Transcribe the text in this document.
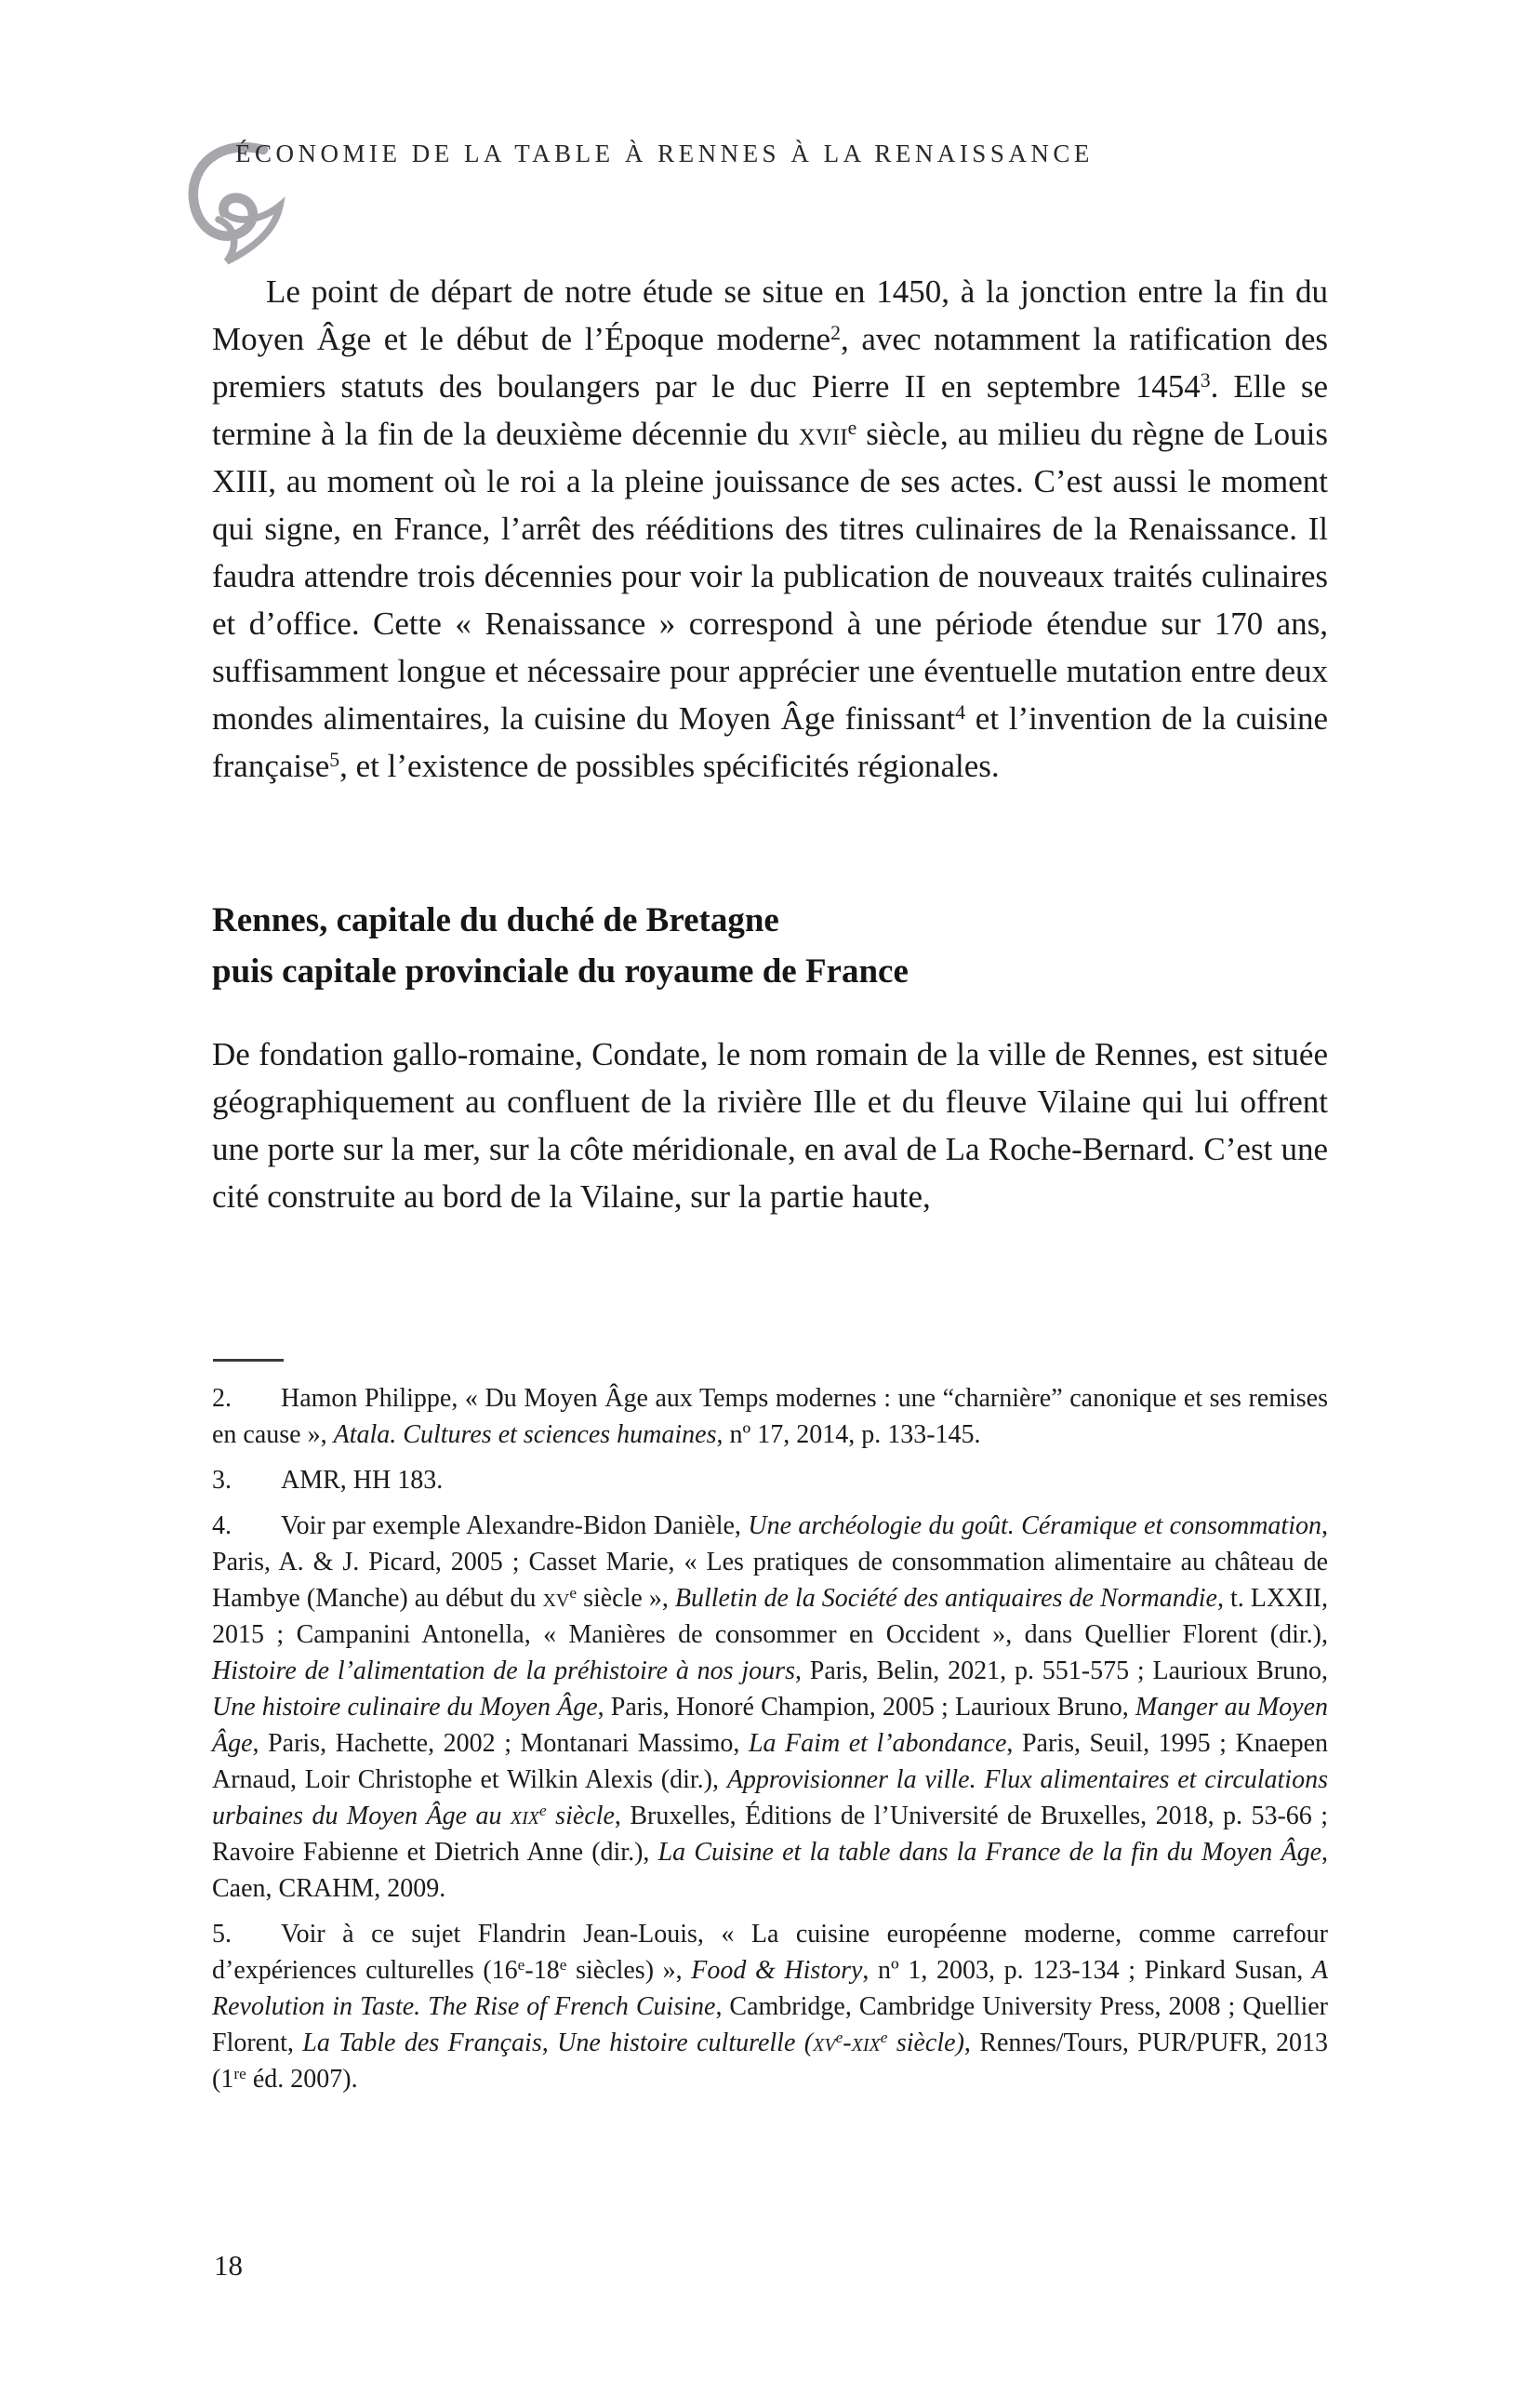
ÉCONOMIE DE LA TABLE À RENNES À LA RENAISSANCE

Le point de départ de notre étude se situe en 1450, à la jonction entre la fin du Moyen Âge et le début de l’Époque moderne$^2$, avec notamment la ratification des premiers statuts des boulangers par le duc Pierre II en septembre 1454$^3$. Elle se termine à la fin de la deuxième décennie du xvii$^e$ siècle, au milieu du règne de Louis XIII, au moment où le roi a la pleine jouissance de ses actes. C’est aussi le moment qui signe, en France, l’arrêt des rééditions des titres culinaires de la Renaissance. Il faudra attendre trois décennies pour voir la publication de nouveaux traités culinaires et d’office. Cette « Renaissance » correspond à une période étendue sur 170 ans, suffisamment longue et nécessaire pour apprécier une éventuelle mutation entre deux mondes alimentaires, la cuisine du Moyen Âge finissant$^4$ et l’invention de la cuisine française$^5$, et l’existence de possibles spécificités régionales.

Rennes, capitale du duché de Bretagne
puis capitale provinciale du royaume de France

De fondation gallo-romaine, Condate, le nom romain de la ville de Rennes, est située géographiquement au confluent de la rivière Ille et du fleuve Vilaine qui lui offrent une porte sur la mer, sur la côte méridionale, en aval de La Roche-Bernard. C’est une cité construite au bord de la Vilaine, sur la partie haute,

2. Hamon Philippe, « Du Moyen Âge aux Temps modernes : une “charnière” canonique et ses remises en cause », Atala. Cultures et sciences humaines, nº 17, 2014, p. 133-145.

3. AMR, HH 183.

4. Voir par exemple Alexandre-Bidon Danièle, Une archéologie du goût. Céramique et consommation, Paris, A. & J. Picard, 2005 ; Casset Marie, « Les pratiques de consommation alimentaire au château de Hambye (Manche) au début du $xv^e$ siècle », Bulletin de la Société des antiquaires de Normandie, t. LXXII, 2015 ; Campanini Antonella, « Manières de consommer en Occident », dans Quellier Florent (dir.), Histoire de l’alimentation de la préhistoire à nos jours, Paris, Belin, 2021, p. 551-575 ; Laurioux Bruno, Une histoire culinaire du Moyen Âge, Paris, Honoré Champion, 2005 ; Laurioux Bruno, Manger au Moyen Âge, Paris, Hachette, 2002 ; Montanari Massimo, La Faim et l’abondance, Paris, Seuil, 1995 ; Knaepen Arnaud, Loir Christophe et Wilkin Alexis (dir.), Approvisionner la ville. Flux alimentaires et circulations urbaines du Moyen Âge au xix$^e$ siècle, Bruxelles, Éditions de l’Université de Bruxelles, 2018, p. 53-66 ; Ravoire Fabienne et Dietrich Anne (dir.), La Cuisine et la table dans la France de la fin du Moyen Âge, Caen, CRAHM, 2009.

5. Voir à ce sujet Flandrin Jean-Louis, « La cuisine européenne moderne, comme carrefour d’expériences culturelles (16e-18e siècles) », Food & History, nº 1, 2003, p. 123-134 ; Pinkard Susan, A Revolution in Taste. The Rise of French Cuisine, Cambridge, Cambridge University Press, 2008 ; Quellier Florent, La Table des Français, Une histoire culturelle ($xv^e-xix^e$ siècle), Rennes/Tours, PUR/PUFR, 2013 (1re éd. 2007).

18
